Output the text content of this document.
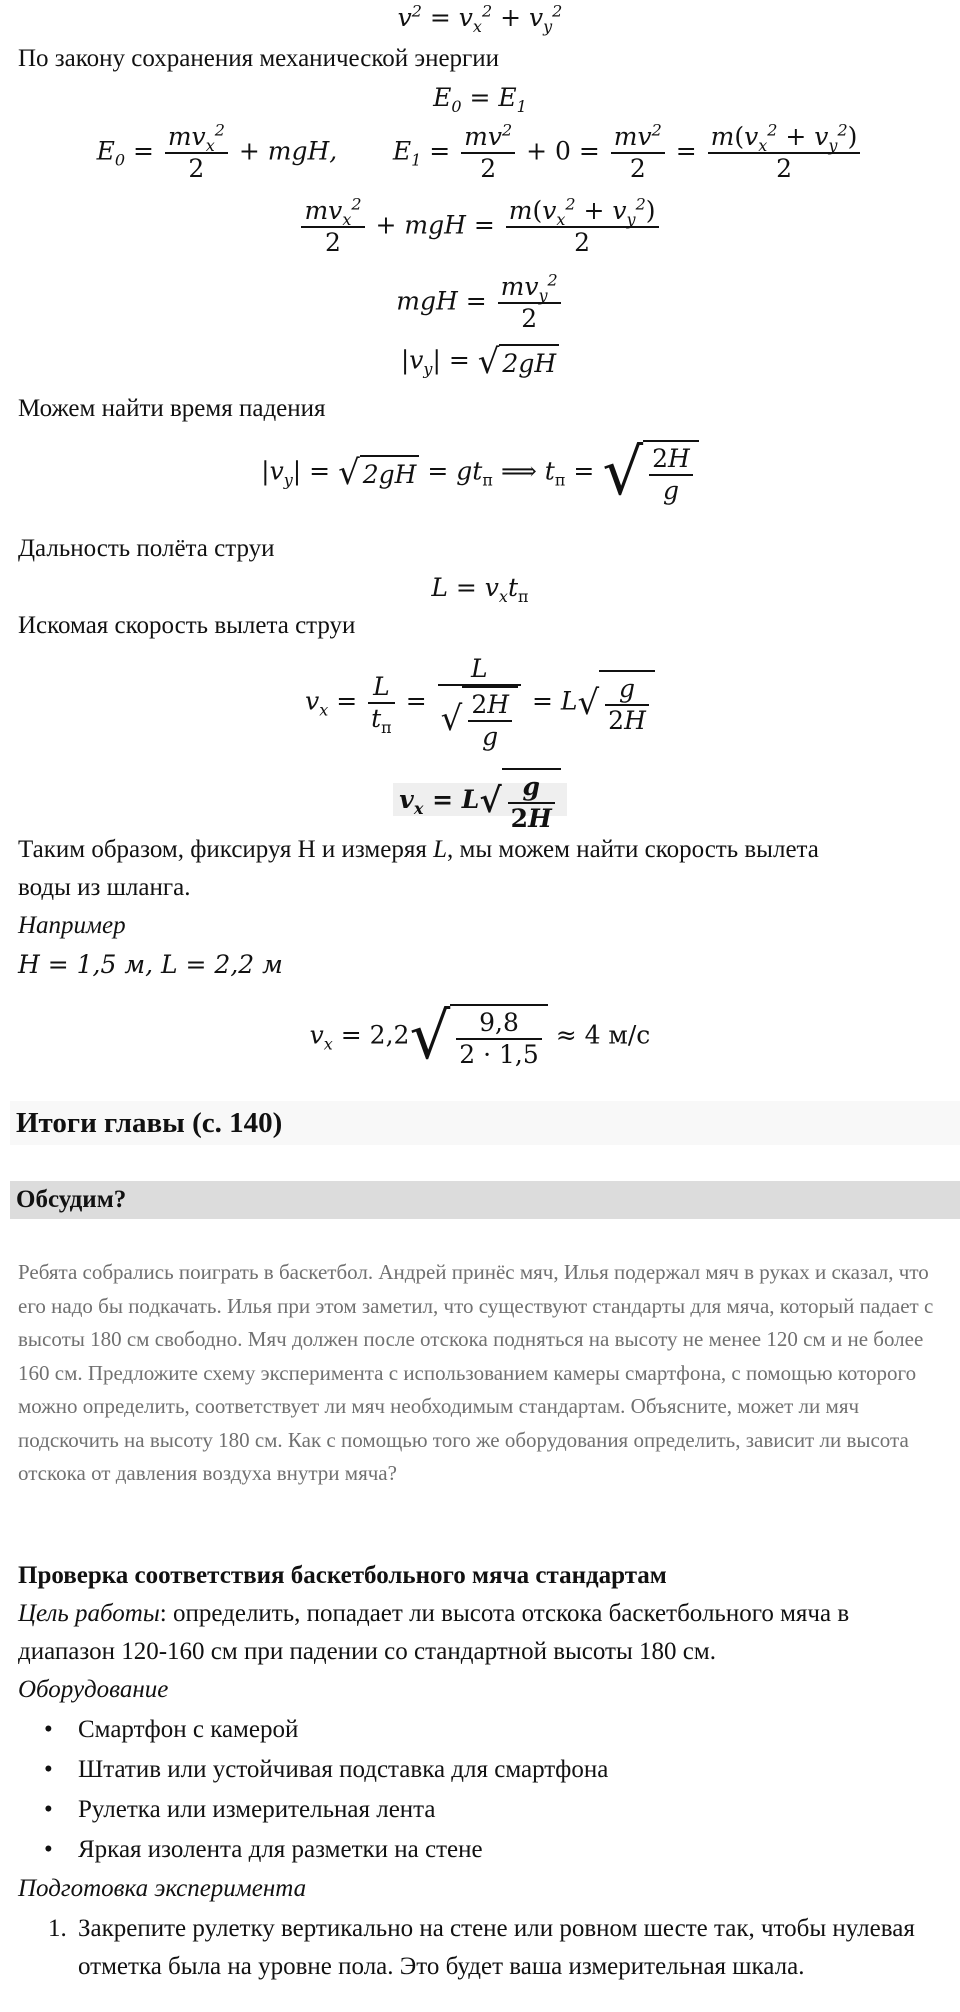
$v^2 = v_x^2 + v_y^2$
По закону сохранения механической энергии
$E_0 = E_1$
$E_0 = \frac{mv_x^2}{2}$ + mgH,       $E_1 = \frac{mv^2}{2} + 0 = \frac{mv^2}{2} = \frac{m(v_x^2 + v_y^2)}{2}$
$\frac{mv_x^2}{2}$ + mgH = $\frac{m(v_x^2 + v_y^2)}{2}$
mgH = $\frac{mv_y^2}{2}$
$|v_y|$ = √ 2gH
Можем найти время падения
$|v_y|$ = √ $2gH = gt_п$ ⟹ $t_п$ = √ $\frac{2H}{g}$
Дальность полёта струи
$L = v_xt_п$
Искомая скорость вылета струи
$v_x = \frac{L}{t_п} = \frac{L}{√ \frac{2H}{g}} = L√ \frac{g}{2H}$
$v_x = L√ \frac{g}{2H}$
Таким образом, фиксируя H и измеряя L, мы можем найти скорость вылета
воды из шланга.
Например
H = 1,5 м, L = 2,2 м
$v_x = 2,2√ \frac{9,8}{2 \cdot 1,5} \approx 4$ м/с
Итоги главы (с. 140)
Обсудим?
Ребята собрались поиграть в баскетбол. Андрей принёс мяч, Илья подержал мяч в руках и сказал, что его надо бы подкачать. Илья при этом заметил, что существуют стандарты для мяча, который падает с высоты 180 см свободно. Мяч должен после отскока подняться на высоту не менее 120 см и не более 160 см. Предложите схему эксперимента с использованием камеры смартфона, с помощью которого можно определить, соответствует ли мяч необходимым стандартам. Объясните, может ли мяч подскочить на высоту 180 см. Как с помощью того же оборудования определить, зависит ли высота отскока от давления воздуха внутри мяча?
Проверка соответствия баскетбольного мяча стандартам
Цель работы: определить, попадает ли высота отскока баскетбольного мяча в
диапазон 120-160 см при падении со стандартной высоты 180 см.
Оборудование
• Смартфон с камерой
• Штатив или устойчивая подставка для смартфона
• Рулетка или измерительная лента
• Яркая изолента для разметки на стене
Подготовка эксперимента
1. Закрепите рулетку вертикально на стене или ровном шесте так, чтобы нулевая отметка была на уровне пола. Это будет ваша измерительная шкала.
